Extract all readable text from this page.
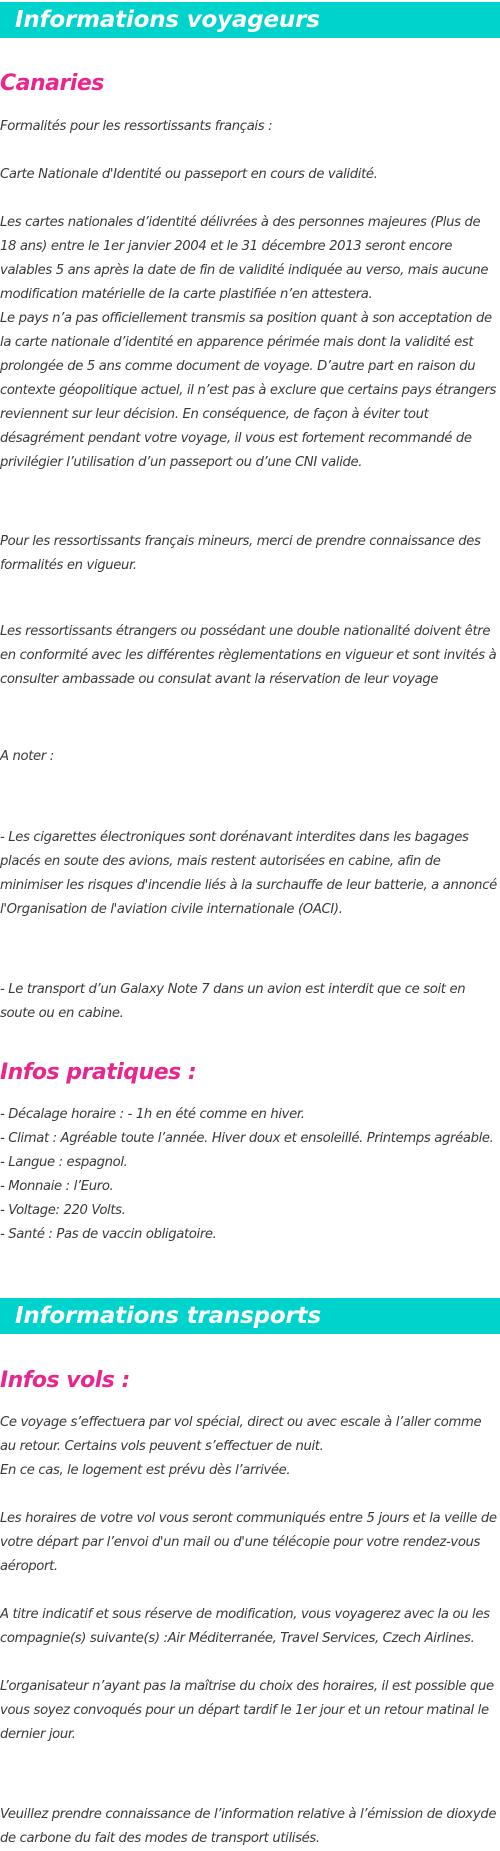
Informations voyageurs
Canaries

Formalités pour les ressortissants français :

Carte Nationale d'Identité ou passeport en cours de validité.

Les cartes nationales d’identité délivrées à des personnes majeures (Plus de 18 ans) entre le 1er janvier 2004 et le 31 décembre 2013 seront encore valables 5 ans après la date de fin de validité indiquée au verso, mais aucune modification matérielle de la carte plastifiée n’en attestera.

Le pays n’a pas officiellement transmis sa position quant à son acceptation de la carte nationale d’identité en apparence périmée mais dont la validité est prolongée de 5 ans comme document de voyage. D’autre part en raison du contexte géopolitique actuel, il n’est pas à exclure que certains pays étrangers reviennent sur leur décision. En conséquence, de façon à éviter tout désagrément pendant votre voyage, il vous est fortement recommandé de privilégier l’utilisation d’un passeport ou d’une CNI valide.

Pour les ressortissants français mineurs, merci de prendre connaissance des formalités en vigueur.

Les ressortissants étrangers ou possédant une double nationalité doivent être en conformité avec les différentes règlementations en vigueur et sont invités à consulter ambassade ou consulat avant la réservation de leur voyage

A noter :

- Les cigarettes électroniques sont dorénavant interdites dans les bagages placés en soute des avions, mais restent autorisées en cabine, afin de minimiser les risques d'incendie liés à la surchauffe de leur batterie, a annoncé l'Organisation de l'aviation civile internationale (OACI).

- Le transport d’un Galaxy Note 7 dans un avion est interdit que ce soit en soute ou en cabine.

Infos pratiques :

- Décalage horaire : - 1h en été comme en hiver.

- Climat : Agréable toute l’année. Hiver doux et ensoleillé. Printemps agréable.

- Langue : espagnol.

- Monnaie : l’Euro.

- Voltage: 220 Volts.

- Santé : Pas de vaccin obligatoire.

Informations transports
Infos vols :

Ce voyage s’effectuera par vol spécial, direct ou avec escale à l’aller comme au retour. Certains vols peuvent s’effectuer de nuit.

En ce cas, le logement est prévu dès l’arrivée.

Les horaires de votre vol vous seront communiqués entre 5 jours et la veille de votre départ par l’envoi d'un mail ou d'une télécopie pour votre rendez-vous aéroport.

A titre indicatif et sous réserve de modification, vous voyagerez avec la ou les compagnie(s) suivante(s) :Air Méditerranée, Travel Services, Czech Airlines.

L’organisateur n’ayant pas la maîtrise du choix des horaires, il est possible que vous soyez convoqués pour un départ tardif le 1er jour et un retour matinal le dernier jour.

Veuillez prendre connaissance de l’information relative à l’émission de dioxyde de carbone du fait des modes de transport utilisés.
